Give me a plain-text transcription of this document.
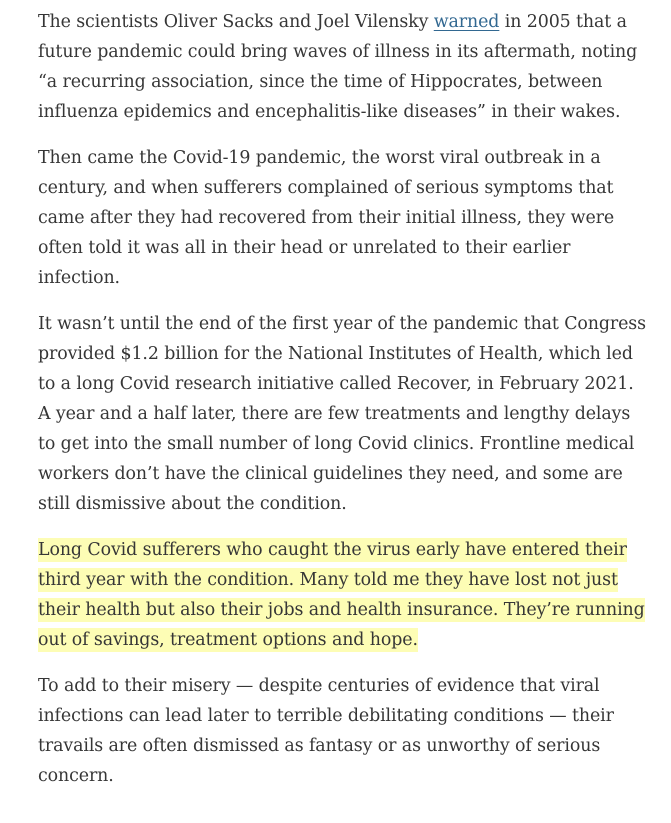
The scientists Oliver Sacks and Joel Vilensky warned in 2005 that a future pandemic could bring waves of illness in its aftermath, noting “a recurring association, since the time of Hippocrates, between influenza epidemics and encephalitis-like diseases” in their wakes.

Then came the Covid-19 pandemic, the worst viral outbreak in a century, and when sufferers complained of serious symptoms that came after they had recovered from their initial illness, they were often told it was all in their head or unrelated to their earlier infection.

It wasn’t until the end of the first year of the pandemic that Congress provided $1.2 billion for the National Institutes of Health, which led to a long Covid research initiative called Recover, in February 2021. A year and a half later, there are few treatments and lengthy delays to get into the small number of long Covid clinics. Frontline medical workers don’t have the clinical guidelines they need, and some are still dismissive about the condition.

Long Covid sufferers who caught the virus early have entered their third year with the condition. Many told me they have lost not just their health but also their jobs and health insurance. They’re running out of savings, treatment options and hope.

To add to their misery — despite centuries of evidence that viral infections can lead later to terrible debilitating conditions — their travails are often dismissed as fantasy or as unworthy of serious concern.
